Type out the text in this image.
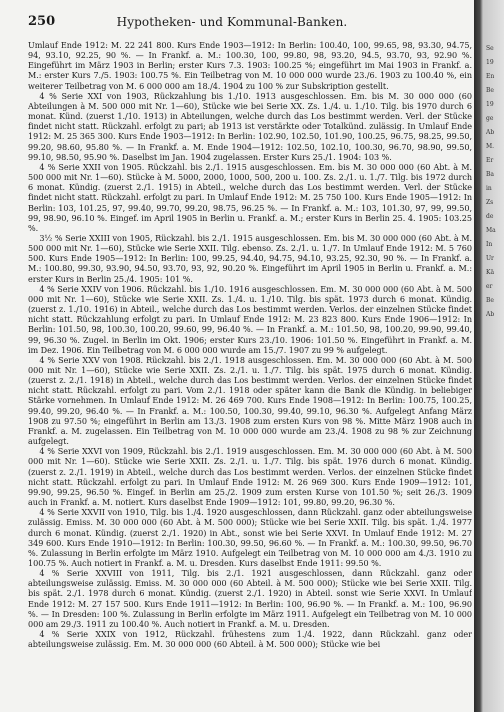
250	Hypotheken- und Kommunal-Banken.

Umlauf Ende 1912: M. 22 241 800. Kurs Ende 1903—1912: In Berlin: 100.40, 100, 99.65, 98, 93.30, 94.75, 94, 93.10, 92.25, 90 %. — In Frankf. a. M.: 100.30, 100, 99.80, 98, 93.20, 94.5, 93.70, 93, 92.90 %. Eingeführt im März 1903 in Berlin; erster Kurs 7.3. 1903: 100.25 %; eingeführt im Mai 1903 in Frankf. a. M.: erster Kurs 7./5. 1903: 100.75 %. Ein Teilbetrag von M. 10 000 000 wurde 23./6. 1903 zu 100.40 %, ein weiterer Teilbetrag von M. 6 000 000 am 18./4. 1904 zu 100 % zur Subskription gestellt.

4 % Serie XXI von 1903, Rückzahlung bis 1./10. 1913 ausgeschlossen. Em. bis M. 30 000 000 (60 Abteilungen à M. 500 000 mit Nr. 1—60), Stücke wie bei Serie XX. Zs. 1./4. u. 1./10. Tilg. bis 1970 durch 6 monat. Künd. (zuerst 1./10. 1913) in Abteilungen, welche durch das Los bestimmt werden. Verl. der Stücke findet nicht statt. Rückzahl. erfolgt zu pari; ab 1913 ist verstärkte oder Totalkünd. zulässig. In Umlauf Ende 1912: M. 25 365 300. Kurs Ende 1903—1912: In Berlin: 102.90, 102.50, 101.90, 100.25, 96.75, 98.25, 99.50, 99.20, 98.60, 95.80 %. — In Frankf. a. M. Ende 1904—1912: 102.50, 102.10, 100.30, 96.70, 98.90, 99.50, 99.10, 98.50, 95.90 %. Daselbst im Jan. 1904 zugelassen. Erster Kurs 25./1. 1904: 103 %.

4 % Serie XXII von 1905. Rückzahl. bis 2./1. 1915 ausgeschlossen. Em. bis M. 30 000 000 (60 Abt. à M. 500 000 mit Nr. 1—60). Stücke à M. 5000, 2000, 1000, 500, 200 u. 100. Zs. 2./1. u. 1./7. Tilg. bis 1972 durch 6 monat. Kündig. (zuerst 2./1. 1915) in Abteil., welche durch das Los bestimmt werden. Verl. der Stücke findet nicht statt. Rückzahl. erfolgt zu pari. In Umlauf Ende 1912: M. 25 750 100. Kurs Ende 1905—1912: In Berlin: 103, 101.25, 97, 99.40, 99.70, 99.20, 98.75, 96.25 %. — In Frankf. a. M.: 103, 101.30, 97, 99, 99.50, 99, 98.90, 96.10 %. Eingef. im April 1905 in Berlin u. Frankf. a. M.; erster Kurs in Berlin 25. 4. 1905: 103.25 %.

3½ % Serie XXIII von 1905, Rückzahl. bis 2./1. 1915 ausgeschlossen. Em. bis M. 30 000 000 (60 Abt. à M. 500 000 mit Nr. 1—60), Stücke wie Serie XXII. Tilg. ebenso. Zs. 2./1. u. 1./7. In Umlauf Ende 1912: M. 5 760 500. Kurs Ende 1905—1912: In Berlin: 100, 99.25, 94.40, 94.75, 94.10, 93.25, 92.30, 90 %. — In Frankf. a. M.: 100.80, 99.30, 93.90, 94.50, 93.70, 93, 92, 90.20 %. Eingeführt im April 1905 in Berlin u. Frankf. a. M.: erster Kurs in Berlin 25./4. 1905: 101 %.

4 % Serie XXIV von 1906. Rückzahl. bis 1./10. 1916 ausgeschlossen. Em. M. 30 000 000 (60 Abt. à M. 500 000 mit Nr. 1—60), Stücke wie Serie XXII. Zs. 1./4. u. 1./10. Tilg. bis spät. 1973 durch 6 monat. Kündig. (zuerst z. 1./10. 1916) in Abteil., welche durch das Los bestimmt werden. Verlos. der einzelnen Stücke findet nicht statt. Rückzahlung erfolgt zu pari. In Umlauf Ende 1912: M. 23 823 800. Kurs Ende 1906—1912: In Berlin: 101.50, 98, 100.30, 100.20, 99.60, 99, 96.40 %. — In Frankf. a. M.: 101.50, 98, 100.20, 99.90, 99.40, 99, 96.30 %. Zugel. in Berlin im Okt. 1906; erster Kurs 23./10. 1906: 101.50 %. Eingeführt in Frankf. a. M. im Dez. 1906. Ein Teilbetrag von M. 6 000 000 wurde am 15./7. 1907 zu 99 % aufgelegt.

4 % Serie XXV von 1908. Rückzahl. bis 2./1. 1918 ausgeschlossen. Em. M. 30 000 000 (60 Abt. à M. 500 000 mit Nr. 1—60), Stücke wie Serie XXII. Zs. 2./1. u. 1./7. Tilg. bis spät. 1975 durch 6 monat. Kündig. (zuerst z. 2./1. 1918) in Abteil., welche durch das Los bestimmt werden. Verlos. der einzelnen Stücke findet nicht statt. Rückzahl. erfolgt zu pari. Vom 2./1. 1918 oder später kann die Bank die Kündig. in beliebiger Stärke vornehmen. In Umlauf Ende 1912: M. 26 469 700. Kurs Ende 1908—1912: In Berlin: 100.75, 100.25, 99.40, 99.20, 96.40 %. — In Frankf. a. M.: 100.50, 100.30, 99.40, 99.10, 96.30 %. Aufgelegt Anfang März 1908 zu 97.50 %; eingeführt in Berlin am 13./3. 1908 zum ersten Kurs von 98 %. Mitte März 1908 auch in Frankf. a. M. zugelassen. Ein Teilbetrag von M. 10 000 000 wurde am 23./4. 1908 zu 98 % zur Zeichnung aufgelegt.

4 % Serie XXVI von 1909, Rückzahl. bis 2./1. 1919 ausgeschlossen. Em. M. 30 000 000 (60 Abt. à M. 500 000 mit Nr. 1—60). Stücke wie Serie XXII. Zs. 2./1. u. 1./7. Tilg. bis spät. 1976 durch 6 monat. Kündig. (zuerst z. 2./1. 1919) in Abteil., welche durch das Los bestimmt werden. Verlos. der einzelnen Stücke findet nicht statt. Rückzahl. erfolgt zu pari. In Umlauf Ende 1912: M. 26 969 300. Kurs Ende 1909—1912: 101, 99.90, 99.25, 96.50 %. Eingef. in Berlin am 25./2. 1909 zum ersten Kurse von 101.50 %; seit 26./3. 1909 auch in Frankf. a. M. notiert. Kurs daselbst Ende 1909—1912: 101, 99.80, 99.20, 96.30 %.

4 % Serie XXVII von 1910, Tilg. bis 1./4. 1920 ausgeschlossen, dann Rückzahl. ganz oder abteilungsweise zulässig. Emiss. M. 30 000 000 (60 Abt. à M. 500 000); Stücke wie bei Serie XXII. Tilg. bis spät. 1./4. 1977 durch 6 monat. Kündig. (zuerst 2./1. 1920) in Abt., sonst wie bei Serie XXVI. In Umlauf Ende 1912: M. 27 349 600. Kurs Ende 1910—1912: In Berlin: 100.30, 99.50, 96.60 %. — In Frankf. a. M.: 100.30, 99.50, 96.70 %. Zulassung in Berlin erfolgte im März 1910. Aufgelegt ein Teilbetrag von M. 10 000 000 am 4./3. 1910 zu 100.75 %. Auch notiert in Frankf. a. M. u. Dresden. Kurs daselbst Ende 1911: 99.50 %.

4 % Serie XXVIII von 1911, Tilg. bis 2./1. 1921 ausgeschlossen, dann Rückzahl. ganz oder abteilungsweise zulässig. Emiss. M. 30 000 000 (60 Abteil. à M. 500 000); Stücke wie bei Serie XXII. Tilg. bis spät. 2./1. 1978 durch 6 monat. Kündig. (zuerst 2./1. 1920) in Abteil. sonst wie Serie XXVI. In Umlauf Ende 1912: M. 27 157 500. Kurs Ende 1911—1912: In Berlin: 100, 96.90 %. — In Frankf. a. M.: 100, 96.90 %. — In Dresden: 100 %. Zulassung in Berlin erfolgte im März 1911. Aufgelegt ein Teilbetrag von M. 10 000 000 am 29./3. 1911 zu 100.40 %. Auch notiert in Frankf. a. M. u. Dresden.

4 % Serie XXIX von 1912, Rückzahl. frühestens zum 1./4. 1922, dann Rückzahl. ganz oder abteilungsweise zulässig. Em. M. 30 000 000 (60 Abteil. à M. 500 000); Stücke wie bei

Se
19
En
Be
19
ge
Ab
M.
Er
Ba
in
Zs
de
Ma
In
Ur
Kä
er
Be
Ab
